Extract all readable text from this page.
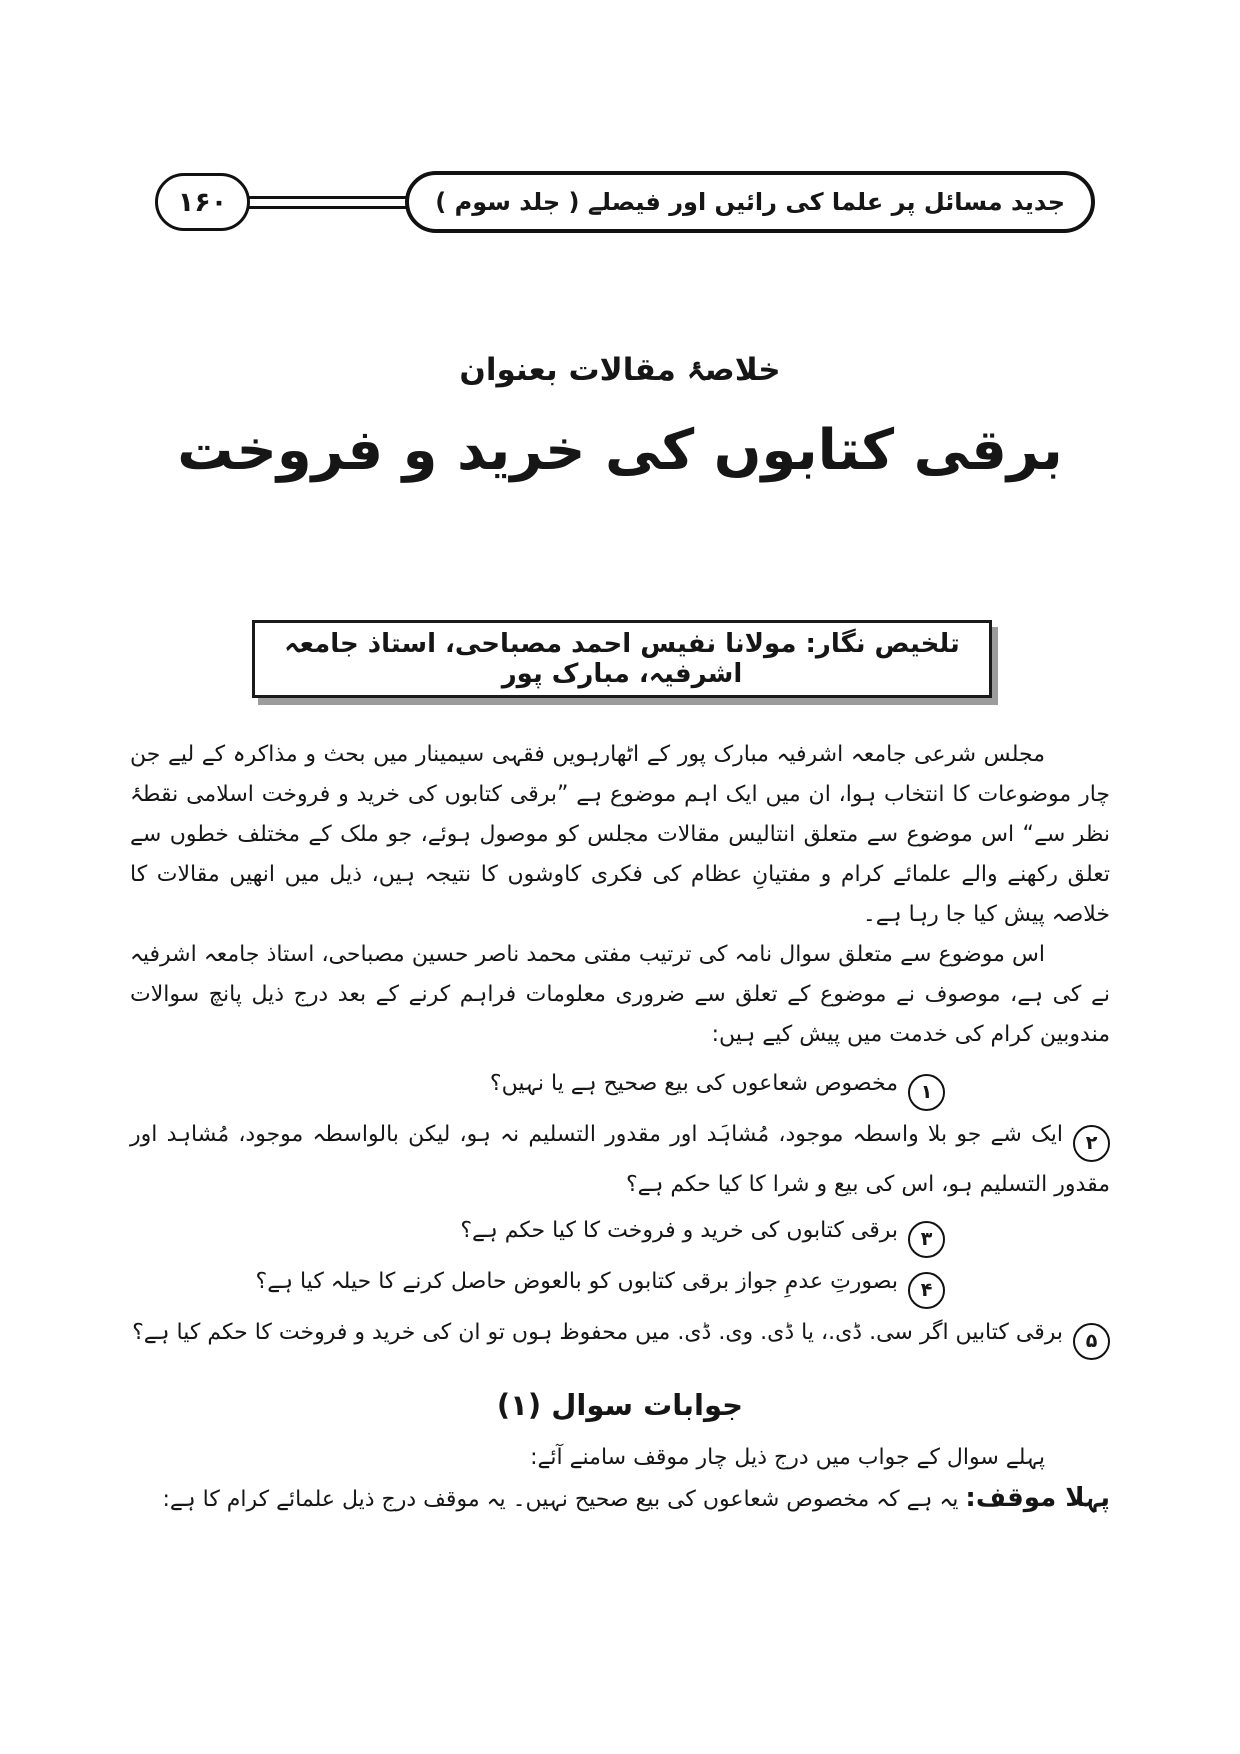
۱۶۰	جدید مسائل پر علما کی رائیں اور فیصلے ( جلد سوم )
خلاصۂ مقالات بعنوان
برقی کتابوں کی خرید و فروخت
تلخیص نگار: مولانا نفیس احمد مصباحی، استاذ جامعہ اشرفیہ، مبارک پور

مجلس شرعی جامعہ اشرفیہ مبارک پور کے اٹھارہویں فقہی سیمینار میں بحث و مذاکرہ کے لیے جن چار موضوعات کا انتخاب ہوا، ان میں ایک اہم موضوع ہے ”برقی کتابوں کی خرید و فروخت اسلامی نقطۂ نظر سے“ اس موضوع سے متعلق انتالیس مقالات مجلس کو موصول ہوئے، جو ملک کے مختلف خطوں سے تعلق رکھنے والے علمائے کرام و مفتیانِ عظام کی فکری کاوشوں کا نتیجہ ہیں، ذیل میں انھیں مقالات کا خلاصہ پیش کیا جا رہا ہے۔

اس موضوع سے متعلق سوال نامہ کی ترتیب مفتی محمد ناصر حسین مصباحی، استاذ جامعہ اشرفیہ نے کی ہے، موصوف نے موضوع کے تعلق سے ضروری معلومات فراہم کرنے کے بعد درج ذیل پانچ سوالات مندوبین کرام کی خدمت میں پیش کیے ہیں:

۱مخصوص شعاعوں کی بیع صحیح ہے یا نہیں؟
۲ایک شے جو بلا واسطہ موجود، مُشاہَد اور مقدور التسلیم نہ ہو، لیکن بالواسطہ موجود، مُشاہد اور مقدور التسلیم ہو، اس کی بیع و شرا کا کیا حکم ہے؟
۳برقی کتابوں کی خرید و فروخت کا کیا حکم ہے؟
۴بصورتِ عدمِ جواز برقی کتابوں کو بالعوض حاصل کرنے کا حیلہ کیا ہے؟
۵برقی کتابیں اگر سی. ڈی.، یا ڈی. وی. ڈی. میں محفوظ ہوں تو ان کی خرید و فروخت کا حکم کیا ہے؟
جوابات سوال (۱)

پہلے سوال کے جواب میں درج ذیل چار موقف سامنے آئے:

پہلا موقف: یہ ہے کہ مخصوص شعاعوں کی بیع صحیح نہیں۔ یہ موقف درج ذیل علمائے کرام کا ہے:
